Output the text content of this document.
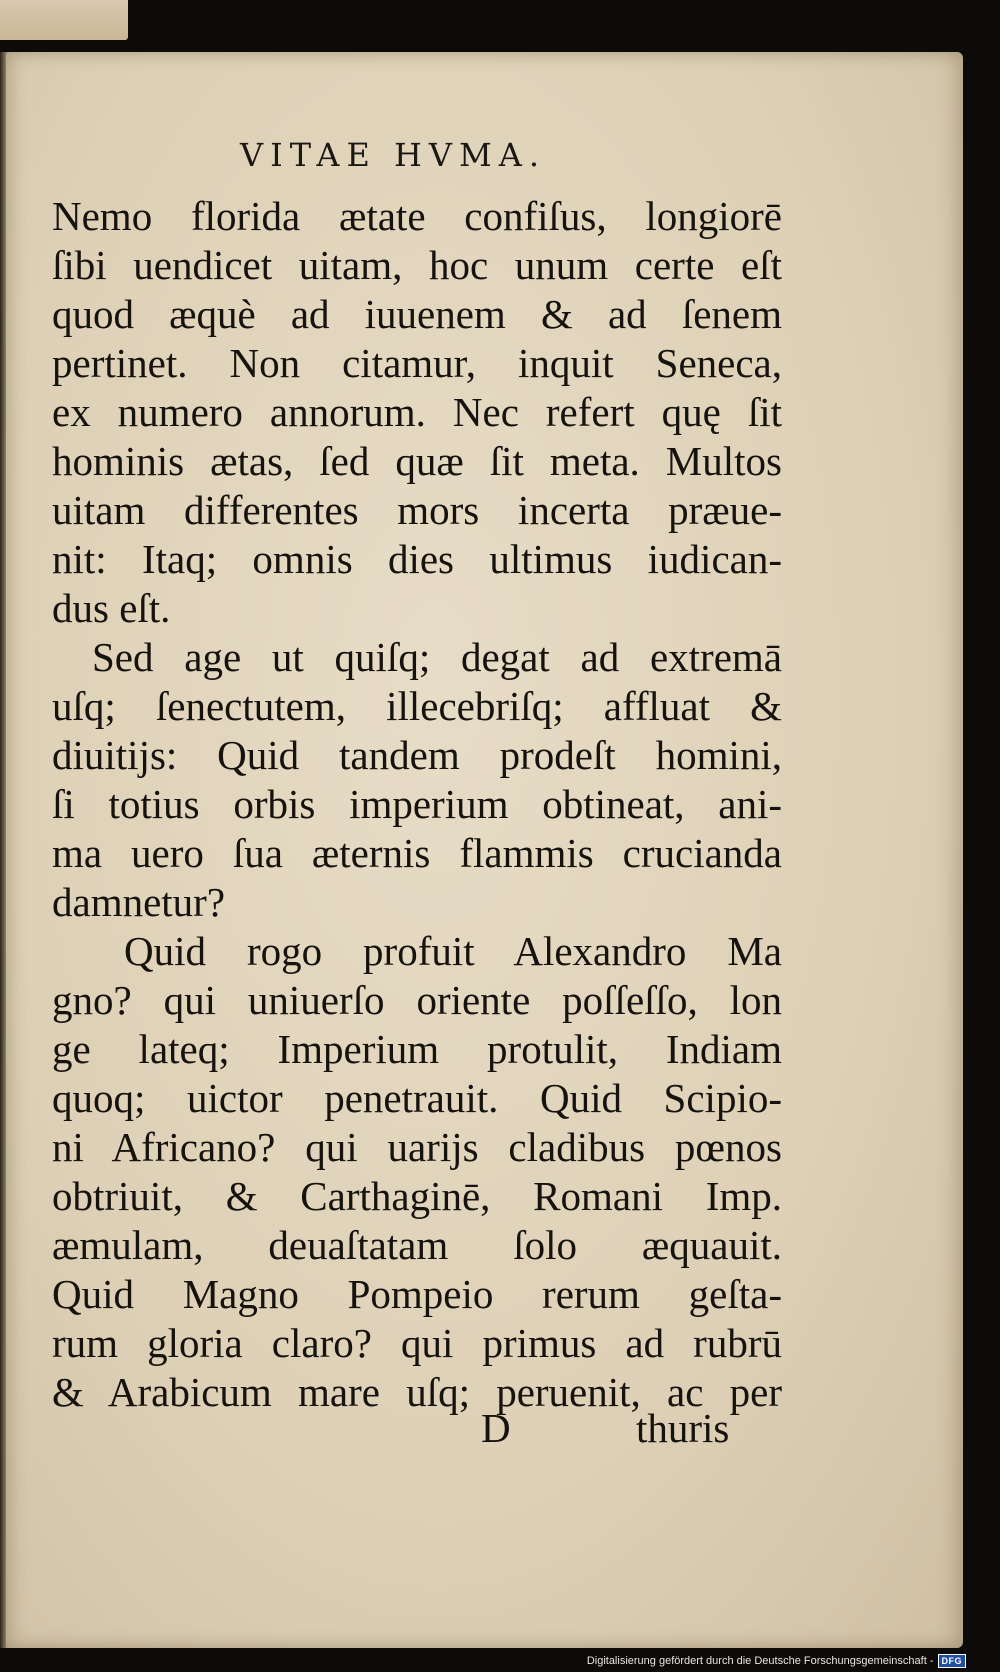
VITAE HVMA.

Nemo florida ætate confiſus, longiorē
ſibi uendicet uitam, hoc unum certe eſt
quod æquè ad iuuenem & ad ſenem
pertinet. Non citamur, inquit Seneca,
ex numero annorum. Nec refert quę ſit
hominis ætas, ſed quæ ſit meta. Multos
uitam differentes mors incerta præue-
nit: Itaq; omnis dies ultimus iudican-
dus eſt.

Sed age ut quiſq; degat ad extremā
uſq; ſenectutem, illecebriſq; affluat &
diuitijs: Quid tandem prodeſt homini,
ſi totius orbis imperium obtineat, ani-
ma uero ſua æternis flammis crucianda
damnetur?

Quid rogo profuit Alexandro Ma
gno? qui uniuerſo oriente poſſeſſo, lon
ge lateq; Imperium protulit, Indiam
quoq; uictor penetrauit. Quid Scipio-
ni Africano? qui uarijs cladibus pœnos
obtriuit, & Carthaginē, Romani Imp.
æmulam, deuaſtatam ſolo æquauit.
Quid Magno Pompeio rerum geſta-
rum gloria claro? qui primus ad rubrū
& Arabicum mare uſq; peruenit, ac per

D	thuris
Digitalisierung gefördert durch die Deutsche Forschungsgemeinschaft - DFG
